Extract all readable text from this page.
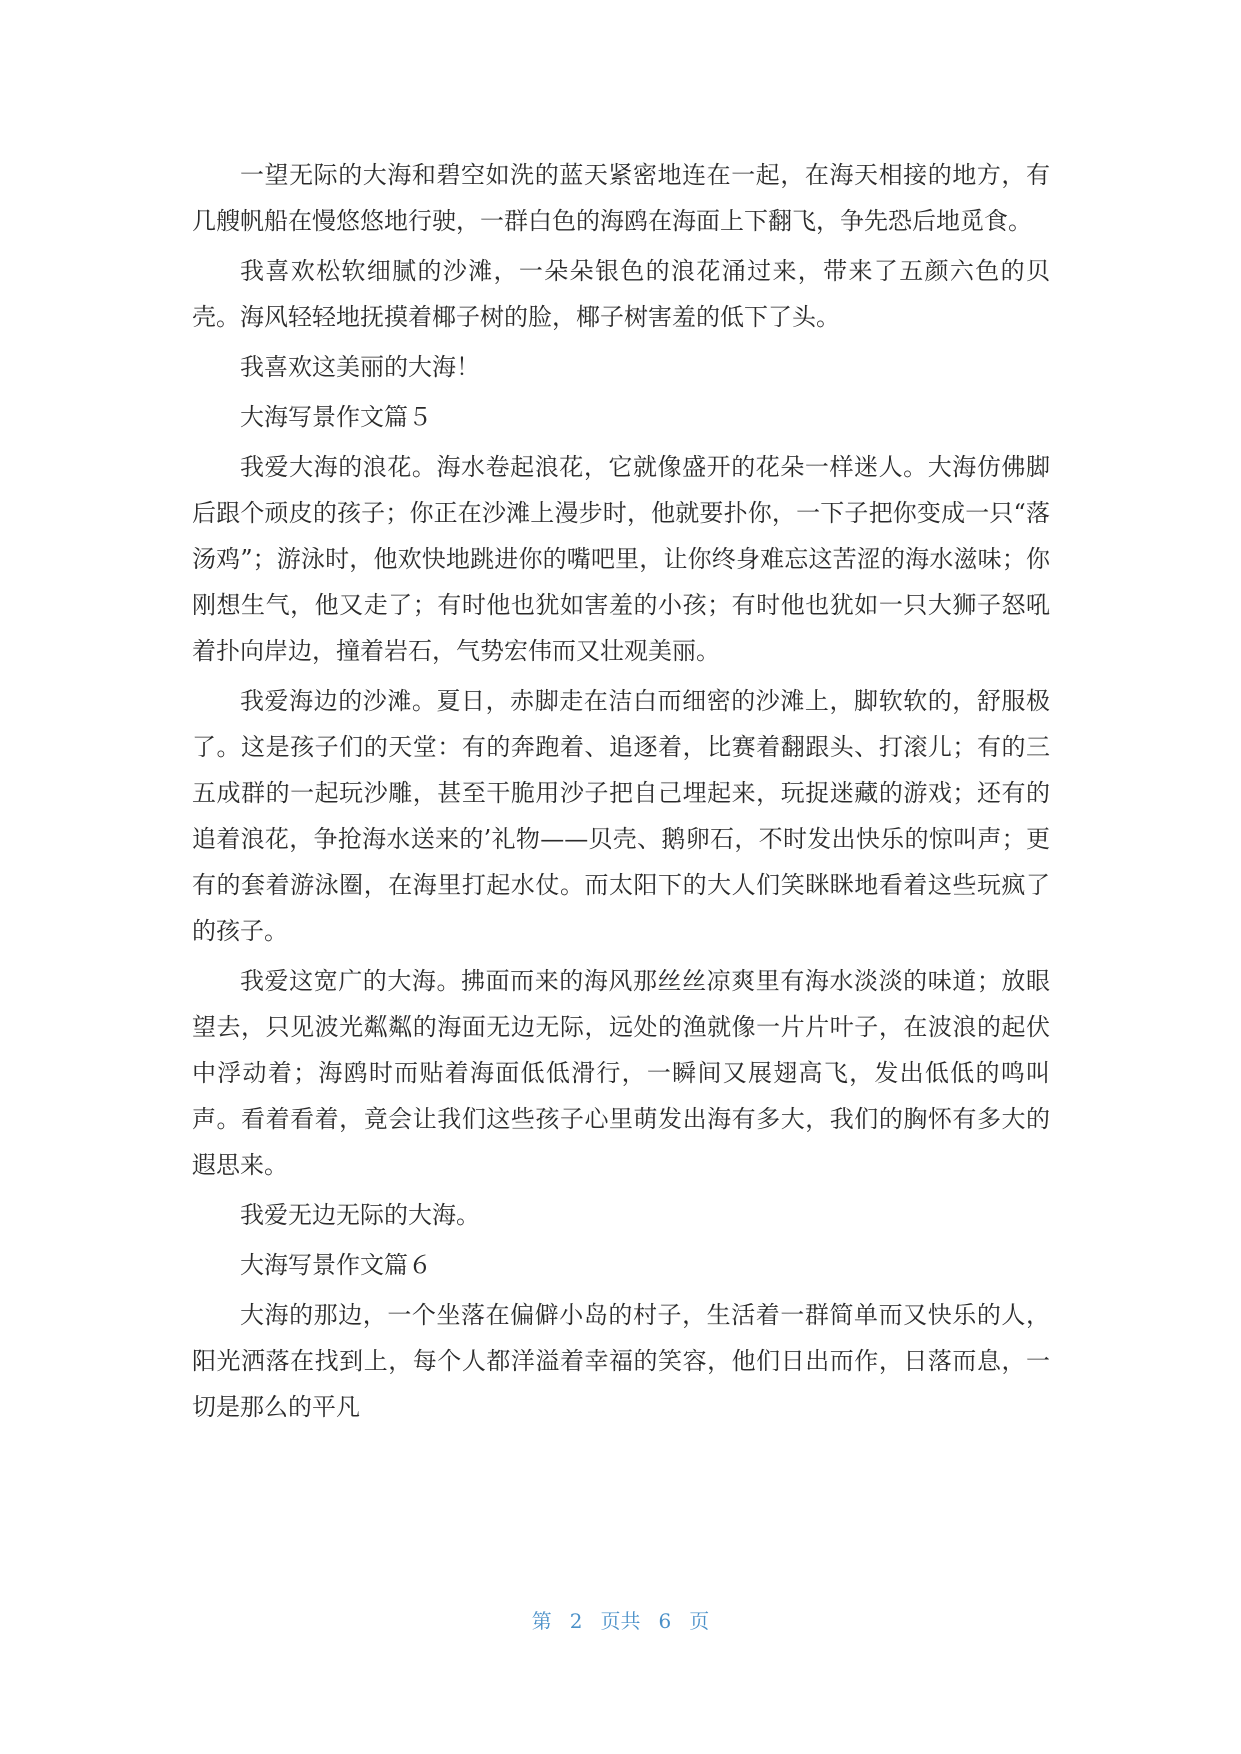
一望无际的大海和碧空如洗的蓝天紧密地连在一起，在海天相接的地方，有几艘帆船在慢悠悠地行驶，一群白色的海鸥在海面上下翻飞，争先恐后地觅食。

我喜欢松软细腻的沙滩，一朵朵银色的浪花涌过来，带来了五颜六色的贝壳。海风轻轻地抚摸着椰子树的脸，椰子树害羞的低下了头。

我喜欢这美丽的大海！

大海写景作文篇５

我爱大海的浪花。海水卷起浪花，它就像盛开的花朵一样迷人。大海仿佛脚后跟个顽皮的孩子；你正在沙滩上漫步时，他就要扑你，一下子把你变成一只“落汤鸡”；游泳时，他欢快地跳进你的嘴吧里，让你终身难忘这苦涩的海水滋味；你刚想生气，他又走了；有时他也犹如害羞的小孩；有时他也犹如一只大狮子怒吼着扑向岸边，撞着岩石，气势宏伟而又壮观美丽。

我爱海边的沙滩。夏日，赤脚走在洁白而细密的沙滩上，脚软软的，舒服极了。这是孩子们的天堂：有的奔跑着、追逐着，比赛着翻跟头、打滚儿；有的三五成群的一起玩沙雕，甚至干脆用沙子把自己埋起来，玩捉迷藏的游戏；还有的追着浪花，争抢海水送来的’礼物——贝壳、鹅卵石，不时发出快乐的惊叫声；更有的套着游泳圈，在海里打起水仗。而太阳下的大人们笑眯眯地看着这些玩疯了的孩子。

我爱这宽广的大海。拂面而来的海风那丝丝凉爽里有海水淡淡的味道；放眼望去，只见波光粼粼的海面无边无际，远处的渔就像一片片叶子，在波浪的起伏中浮动着；海鸥时而贴着海面低低滑行，一瞬间又展翅高飞，发出低低的鸣叫声。看着看着，竟会让我们这些孩子心里萌发出海有多大，我们的胸怀有多大的遐思来。

我爱无边无际的大海。

大海写景作文篇６

大海的那边，一个坐落在偏僻小岛的村子，生活着一群简单而又快乐的人，阳光洒落在找到上，每个人都洋溢着幸福的笑容，他们日出而作，日落而息，一切是那么的平凡

第 2 页共 6 页
